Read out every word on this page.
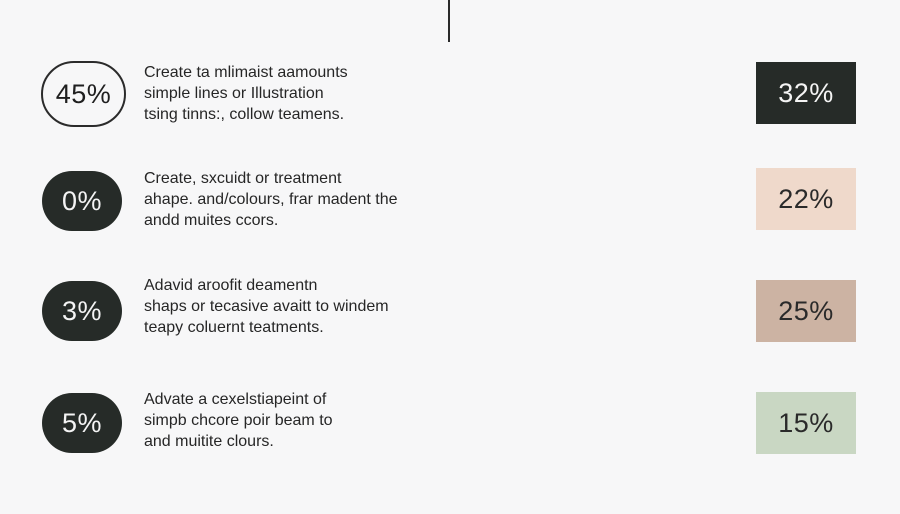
45%
Create ta mlimaist aamounts
simple lines or Illustration
tsing tinns:, collow teamens.
0%
Create, sxcuidt or treatment
ahape. and/colours, frar madent the
andd muites ccors.
3%
Adavid aroofit deamentn
shaps or tecasive avaitt to windem
teapy coluernt teatments.
5%
Advate a cexelstiapeint of
simpb chcore poir beam to
and muitite clours.
32%
22%
25%
15%
